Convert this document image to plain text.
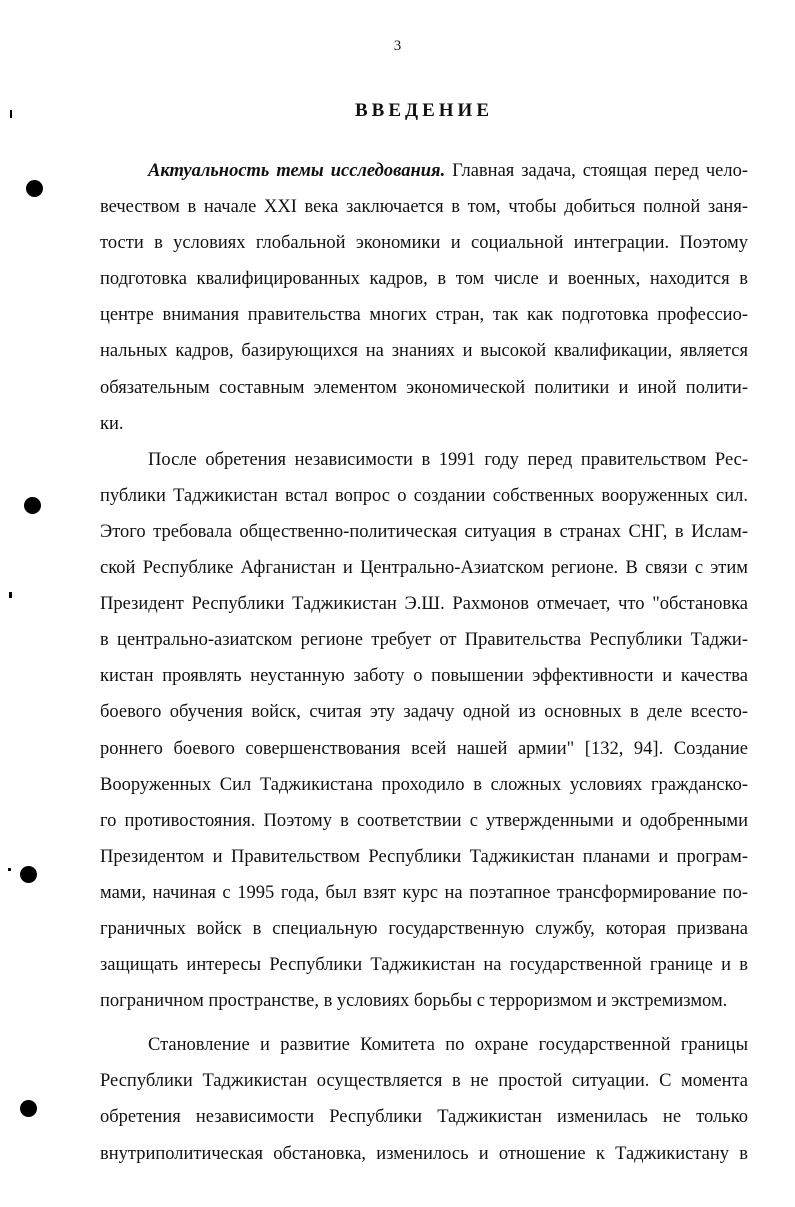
3
ВВЕДЕНИЕ
Актуальность темы исследования. Главная задача, стоящая перед чело-
вечеством в начале XXI века заключается в том, чтобы добиться полной заня-
тости в условиях глобальной экономики и социальной интеграции. Поэтому
подготовка квалифицированных кадров, в том числе и военных, находится в
центре внимания правительства многих стран, так как подготовка профессио-
нальных кадров, базирующихся на знаниях и высокой квалификации, является
обязательным составным элементом экономической политики и иной полити-
ки.
После обретения независимости в 1991 году перед правительством Рес-
публики Таджикистан встал вопрос о создании собственных вооруженных сил.
Этого требовала общественно-политическая ситуация в странах СНГ, в Ислам-
ской Республике Афганистан и Центрально-Азиатском регионе. В связи с этим
Президент Республики Таджикистан Э.Ш. Рахмонов отмечает, что "обстановка
в центрально-азиатском регионе требует от Правительства Республики Таджи-
кистан проявлять неустанную заботу о повышении эффективности и качества
боевого обучения войск, считая эту задачу одной из основных в деле всесто-
роннего боевого совершенствования всей нашей армии" [132, 94]. Создание
Вооруженных Сил Таджикистана проходило в сложных условиях гражданско-
го противостояния. Поэтому в соответствии с утвержденными и одобренными
Президентом и Правительством Республики Таджикистан планами и програм-
мами, начиная с 1995 года, был взят курс на поэтапное трансформирование по-
граничных войск в специальную государственную службу, которая призвана
защищать интересы Республики Таджикистан на государственной границе и в
пограничном пространстве, в условиях борьбы с терроризмом и экстремизмом.
Становление и развитие Комитета по охране государственной границы
Республики Таджикистан осуществляется в не простой ситуации. С момента
обретения независимости Республики Таджикистан изменилась не только
внутриполитическая обстановка, изменилось и отношение к Таджикистану в
